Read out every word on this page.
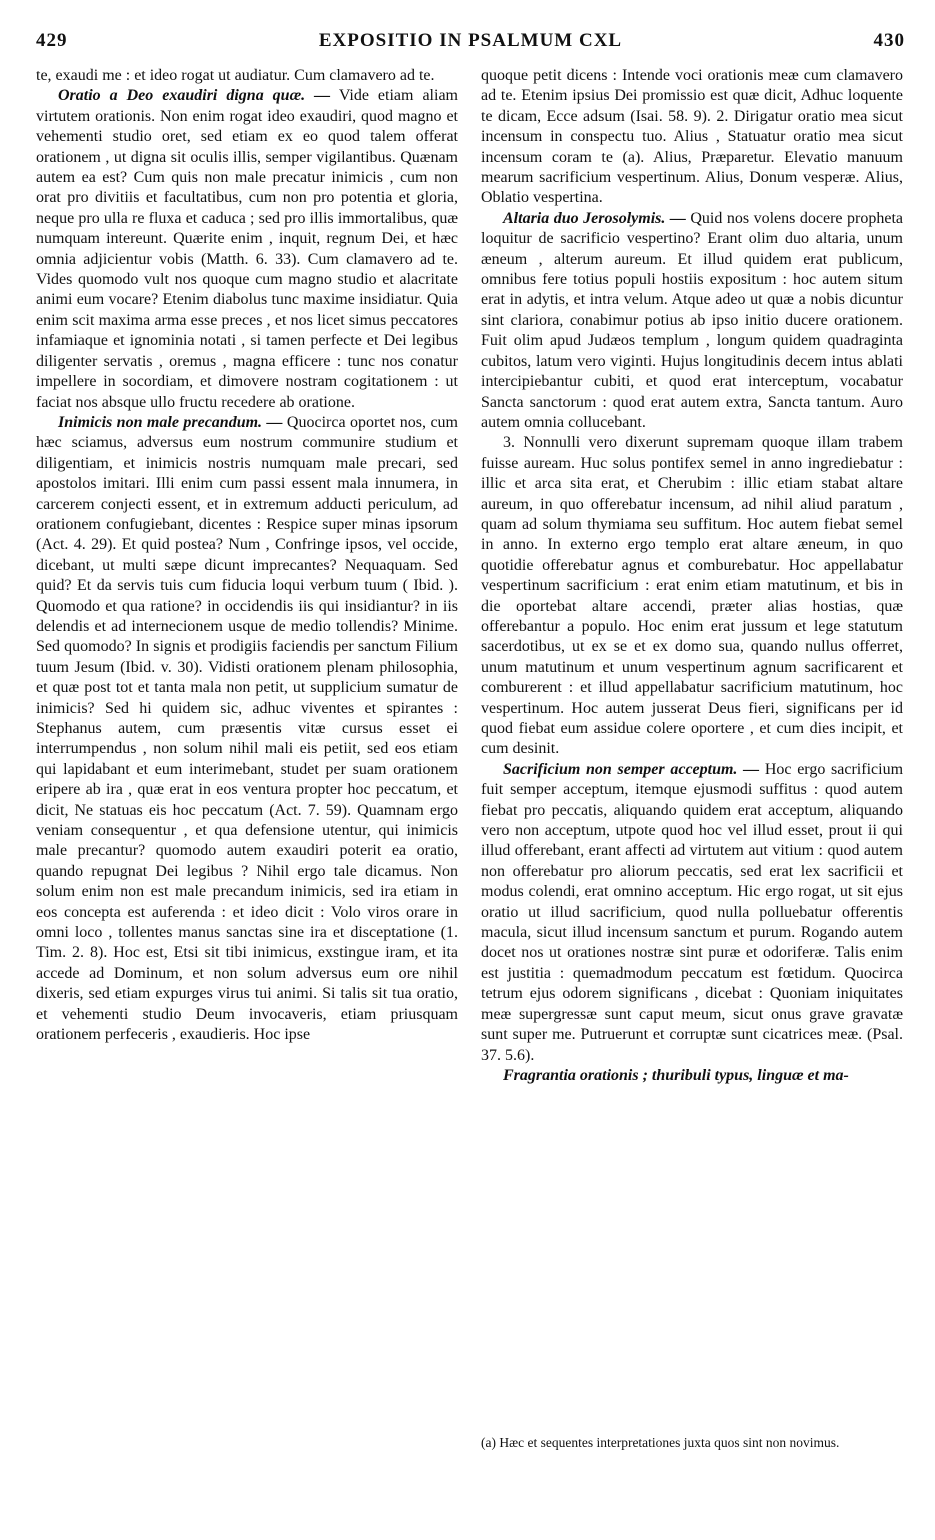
429	EXPOSITIO IN PSALMUM CXL	430

te, exaudi me : et ideo rogat ut audiatur. Cum clamavero ad te.

Oratio a Deo exaudiri digna quæ. — Vide etiam aliam virtutem orationis. Non enim rogat ideo exaudiri, quod magno et vehementi studio oret, sed etiam ex eo quod talem offerat orationem , ut digna sit oculis illis, semper vigilantibus. Quænam autem ea est? Cum quis non male precatur inimicis , cum non orat pro divitiis et facultatibus, cum non pro potentia et gloria, neque pro ulla re fluxa et caduca ; sed pro illis immortalibus, quæ numquam intereunt. Quærite enim , inquit, regnum Dei, et hæc omnia adjicientur vobis (Matth. 6. 33). Cum clamavero ad te. Vides quomodo vult nos quoque cum magno studio et alacritate animi eum vocare? Etenim diabolus tunc maxime insidiatur. Quia enim scit maxima arma esse preces , et nos licet simus peccatores infamiaque et ignominia notati , si tamen perfecte et Dei legibus diligenter servatis , oremus , magna efficere : tunc nos conatur impellere in socordiam, et dimovere nostram cogitationem : ut faciat nos absque ullo fructu recedere ab oratione.

Inimicis non male precandum. — Quocirca oportet nos, cum hæc sciamus, adversus eum nostrum communire studium et diligentiam, et inimicis nostris numquam male precari, sed apostolos imitari. Illi enim cum passi essent mala innumera, in carcerem conjecti essent, et in extremum adducti periculum, ad orationem confugiebant, dicentes : Respice super minas ipsorum (Act. 4. 29). Et quid postea? Num , Confringe ipsos, vel occide, dicebant, ut multi sæpe dicunt imprecantes? Nequaquam. Sed quid? Et da servis tuis cum fiducia loqui verbum tuum ( Ibid. ). Quomodo et qua ratione? in occidendis iis qui insidiantur? in iis delendis et ad internecionem usque de medio tollendis? Minime. Sed quomodo? In signis et prodigiis faciendis per sanctum Filium tuum Jesum (Ibid. v. 30). Vidisti orationem plenam philosophia, et quæ post tot et tanta mala non petit, ut supplicium sumatur de inimicis? Sed hi quidem sic, adhuc viventes et spirantes : Stephanus autem, cum præsentis vitæ cursus esset ei interrumpendus , non solum nihil mali eis petiit, sed eos etiam qui lapidabant et eum interimebant, studet per suam orationem eripere ab ira , quæ erat in eos ventura propter hoc peccatum, et dicit, Ne statuas eis hoc peccatum (Act. 7. 59). Quamnam ergo veniam consequentur , et qua defensione utentur, qui inimicis male precantur? quomodo autem exaudiri poterit ea oratio, quando repugnat Dei legibus ? Nihil ergo tale dicamus. Non solum enim non est male precandum inimicis, sed ira etiam in eos concepta est auferenda : et ideo dicit : Volo viros orare in omni loco , tollentes manus sanctas sine ira et disceptatione (1. Tim. 2. 8). Hoc est, Etsi sit tibi inimicus, exstingue iram, et ita accede ad Dominum, et non solum adversus eum ore nihil dixeris, sed etiam expurges virus tui animi. Si talis sit tua oratio, et vehementi studio Deum invocaveris, etiam priusquam orationem perfeceris , exaudieris. Hoc ipse

quoque petit dicens : Intende voci orationis meæ cum clamavero ad te. Etenim ipsius Dei promissio est quæ dicit, Adhuc loquente te dicam, Ecce adsum (Isai. 58. 9). 2. Dirigatur oratio mea sicut incensum in conspectu tuo. Alius , Statuatur oratio mea sicut incensum coram te (a). Alius, Præparetur. Elevatio manuum mearum sacrificium vespertinum. Alius, Donum vesperæ. Alius, Oblatio vespertina.

Altaria duo Jerosolymis. — Quid nos volens docere propheta loquitur de sacrificio vespertino? Erant olim duo altaria, unum æneum , alterum aureum. Et illud quidem erat publicum, omnibus fere totius populi hostiis expositum : hoc autem situm erat in adytis, et intra velum. Atque adeo ut quæ a nobis dicuntur sint clariora, conabimur potius ab ipso initio ducere orationem. Fuit olim apud Judæos templum , longum quidem quadraginta cubitos, latum vero viginti. Hujus longitudinis decem intus ablati intercipiebantur cubiti, et quod erat interceptum, vocabatur Sancta sanctorum : quod erat autem extra, Sancta tantum. Auro autem omnia collucebant.

3. Nonnulli vero dixerunt supremam quoque illam trabem fuisse auream. Huc solus pontifex semel in anno ingrediebatur : illic et arca sita erat, et Cherubim : illic etiam stabat altare aureum, in quo offerebatur incensum, ad nihil aliud paratum , quam ad solum thymiama seu suffitum. Hoc autem fiebat semel in anno. In externo ergo templo erat altare æneum, in quo quotidie offerebatur agnus et comburebatur. Hoc appellabatur vespertinum sacrificium : erat enim etiam matutinum, et bis in die oportebat altare accendi, præter alias hostias, quæ offerebantur a populo. Hoc enim erat jussum et lege statutum sacerdotibus, ut ex se et ex domo sua, quando nullus offerret, unum matutinum et unum vespertinum agnum sacrificarent et comburerent : et illud appellabatur sacrificium matutinum, hoc vespertinum. Hoc autem jusserat Deus fieri, significans per id quod fiebat eum assidue colere oportere , et cum dies incipit, et cum desinit.

Sacrificium non semper acceptum. — Hoc ergo sacrificium fuit semper acceptum, itemque ejusmodi suffitus : quod autem fiebat pro peccatis, aliquando quidem erat acceptum, aliquando vero non acceptum, utpote quod hoc vel illud esset, prout ii qui illud offerebant, erant affecti ad virtutem aut vitium : quod autem non offerebatur pro aliorum peccatis, sed erat lex sacrificii et modus colendi, erat omnino acceptum. Hic ergo rogat, ut sit ejus oratio ut illud sacrificium, quod nulla polluebatur offerentis macula, sicut illud incensum sanctum et purum. Rogando autem docet nos ut orationes nostræ sint puræ et odoriferæ. Talis enim est justitia : quemadmodum peccatum est fœtidum. Quocirca tetrum ejus odorem significans , dicebat : Quoniam iniquitates meæ supergressæ sunt caput meum, sicut onus grave gravatæ sunt super me. Putruerunt et corruptæ sunt cicatrices meæ. (Psal. 37. 5.6).

Fragrantia orationis ; thuribuli typus, linguæ et ma-

(a) Hæc et sequentes interpretationes juxta quos sint non novimus.
